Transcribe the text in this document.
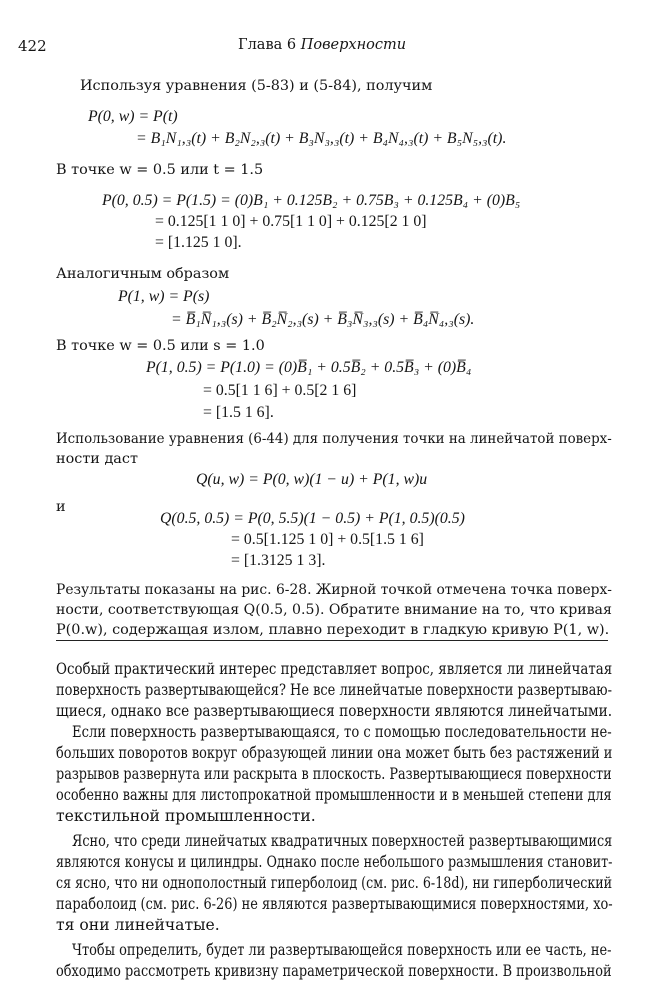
422	Глава 6 Поверхности
Используя уравнения (5-83) и (5-84), получим
P(0, w) = P(t)
= B₁N₁,₃(t) + B₂N₂,₃(t) + B₃N₃,₃(t) + B₄N₄,₃(t) + B₅N₅,₃(t).
В точке w = 0.5 или t = 1.5
P(0, 0.5) = P(1.5) = (0)B₁ + 0.125B₂ + 0.75B₃ + 0.125B₄ + (0)B₅
= 0.125[1 1 0] + 0.75[1 1 0] + 0.125[2 1 0]
= [1.125 1 0].
Аналогичным образом
P(1, w) = P(s)
= B̅₁N̅₁,₃(s) + B̅₂N̅₂,₃(s) + B̅₃N̅₃,₃(s) + B̅₄N̅₄,₃(s).
В точке w = 0.5 или s = 1.0
P(1, 0.5) = P(1.0) = (0)B̅₁ + 0.5B̅₂ + 0.5B̅₃ + (0)B̅₄
= 0.5[1 1 6] + 0.5[2 1 6]
= [1.5 1 6].
Использование уравнения (6-44) для получения точки на линейчатой поверх-
ности даст
Q(u, w) = P(0, w)(1 − u) + P(1, w)u
и
Q(0.5, 0.5) = P(0, 5.5)(1 − 0.5) + P(1, 0.5)(0.5)
= 0.5[1.125 1 0] + 0.5[1.5 1 6]
= [1.3125 1 3].
Результаты показаны на рис. 6-28. Жирной точкой отмечена точка поверх-
ности, соответствующая Q(0.5, 0.5). Обратите внимание на то, что кривая
P(0.w), содержащая излом, плавно переходит в гладкую кривую P(1, w).
Особый практический интерес представляет вопрос, является ли линейчатая
поверхность развертывающейся? Не все линейчатые поверхности развертываю-
щиеся, однако все развертывающиеся поверхности являются линейчатыми.
Если поверхность развертывающаяся, то с помощью последовательности не-
больших поворотов вокруг образующей линии она может быть без растяжений и
разрывов развернута или раскрыта в плоскость. Развертывающиеся поверхности
особенно важны для листопрокатной промышленности и в меньшей степени для
текстильной промышленности.
Ясно, что среди линейчатых квадратичных поверхностей развертывающимися
являются конусы и цилиндры. Однако после небольшого размышления становит-
ся ясно, что ни однополостный гиперболоид (см. рис. 6-18d), ни гиперболический
параболоид (см. рис. 6-26) не являются развертывающимися поверхностями, хо-
тя они линейчатые.
Чтобы определить, будет ли развертывающейся поверхность или ее часть, не-
обходимо рассмотреть кривизну параметрической поверхности. В произвольной
